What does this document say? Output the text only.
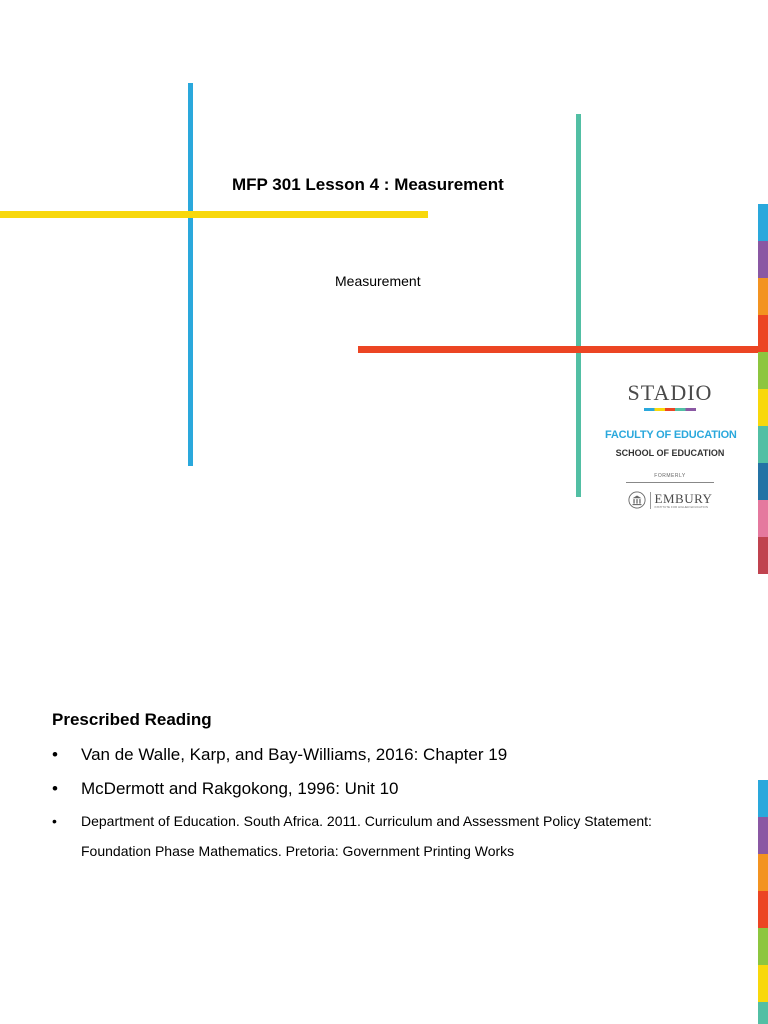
MFP 301 Lesson 4 : Measurement
Measurement
STADIO
FACULTY OF EDUCATION
SCHOOL OF EDUCATION
FORMERLY
EMBURY
INSTITUTE FOR HIGHER EDUCATION
Prescribed Reading
• Van de Walle, Karp, and Bay-Williams, 2016: Chapter 19
• McDermott and Rakgokong, 1996: Unit 10
• Department of Education. South Africa. 2011. Curriculum and Assessment Policy Statement: Foundation Phase Mathematics. Pretoria: Government Printing Works
